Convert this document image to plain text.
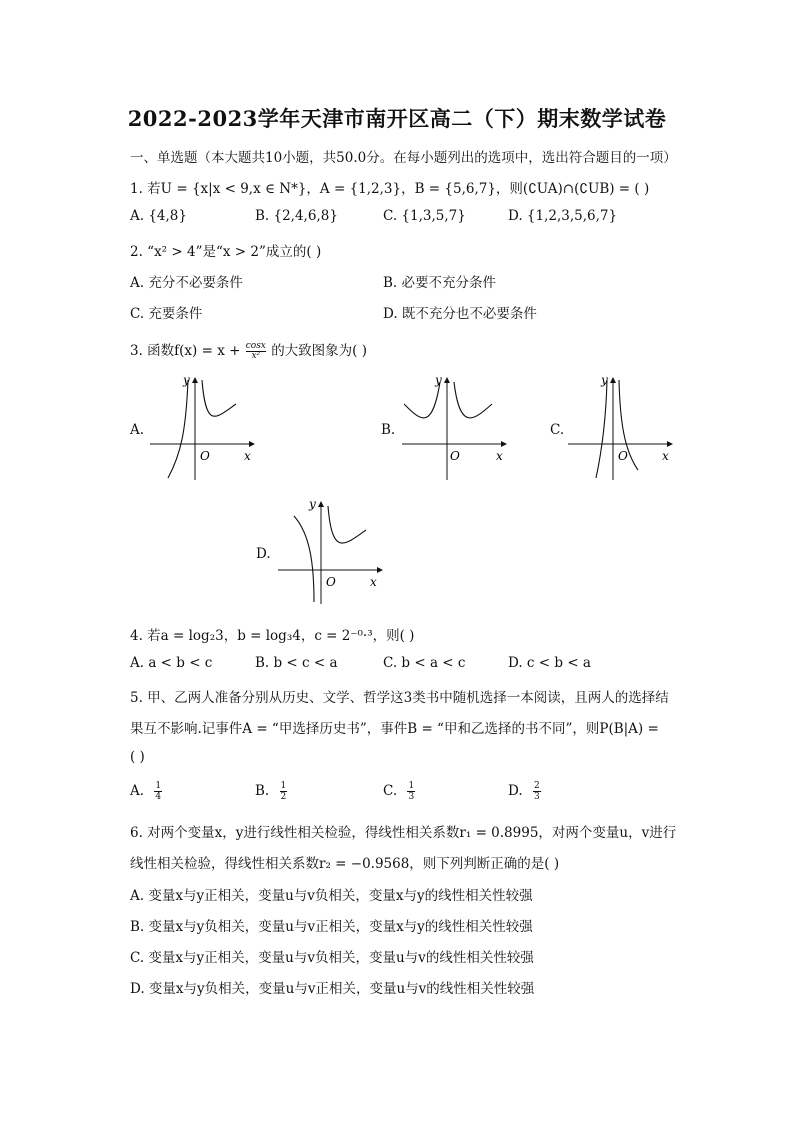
2022-2023学年天津市南开区高二（下）期末数学试卷
一、单选题（本大题共10小题，共50.0分。在每小题列出的选项中，选出符合题目的一项）
1. 若U = {x|x < 9,x ∈ N*}，A = {1,2,3}，B = {5,6,7}，则(∁UA)∩(∁UB) = ( )
A. {4,8}	B. {2,4,6,8}	C. {1,3,5,7}	D. {1,2,3,5,6,7}
2. “x² > 4”是“x > 2”成立的( )
A. 充分不必要条件	B. 必要不充分条件
C. 充要条件	D. 既不充分也不必要条件
3. 函数$f(x) = x + \frac{\cos x}{\text{x²}}$ 的大致图象为( )
A.	B.	C.
D.
y
x
O
y
x
O
y
x
O
y
x
O
4. 若a = log₂3，b = log₃4，c = 2⁻⁰·³，则( )
A. a < b < c	B. b < c < a	C. b < a < c	D. c < b < a
5. 甲、乙两人准备分别从历史、文学、哲学这3类书中随机选择一本阅读，且两人的选择结
果互不影响.记事件A = “甲选择历史书”，事件B = “甲和乙选择的书不同”，则P(B|A) =
( )
A. $\frac{1}{4}$	B. $\frac{1}{2}$	C. $\frac{1}{3}$	D. $\frac{2}{3}$
6. 对两个变量x，y进行线性相关检验，得线性相关系数r₁ = 0.8995，对两个变量u，v进行
线性相关检验，得线性相关系数r₂ = −0.9568，则下列判断正确的是( )
A. 变量x与y正相关，变量u与v负相关，变量x与y的线性相关性较强
B. 变量x与y负相关，变量u与v正相关，变量x与y的线性相关性较强
C. 变量x与y正相关，变量u与v负相关，变量u与v的线性相关性较强
D. 变量x与y负相关，变量u与v正相关，变量u与v的线性相关性较强
